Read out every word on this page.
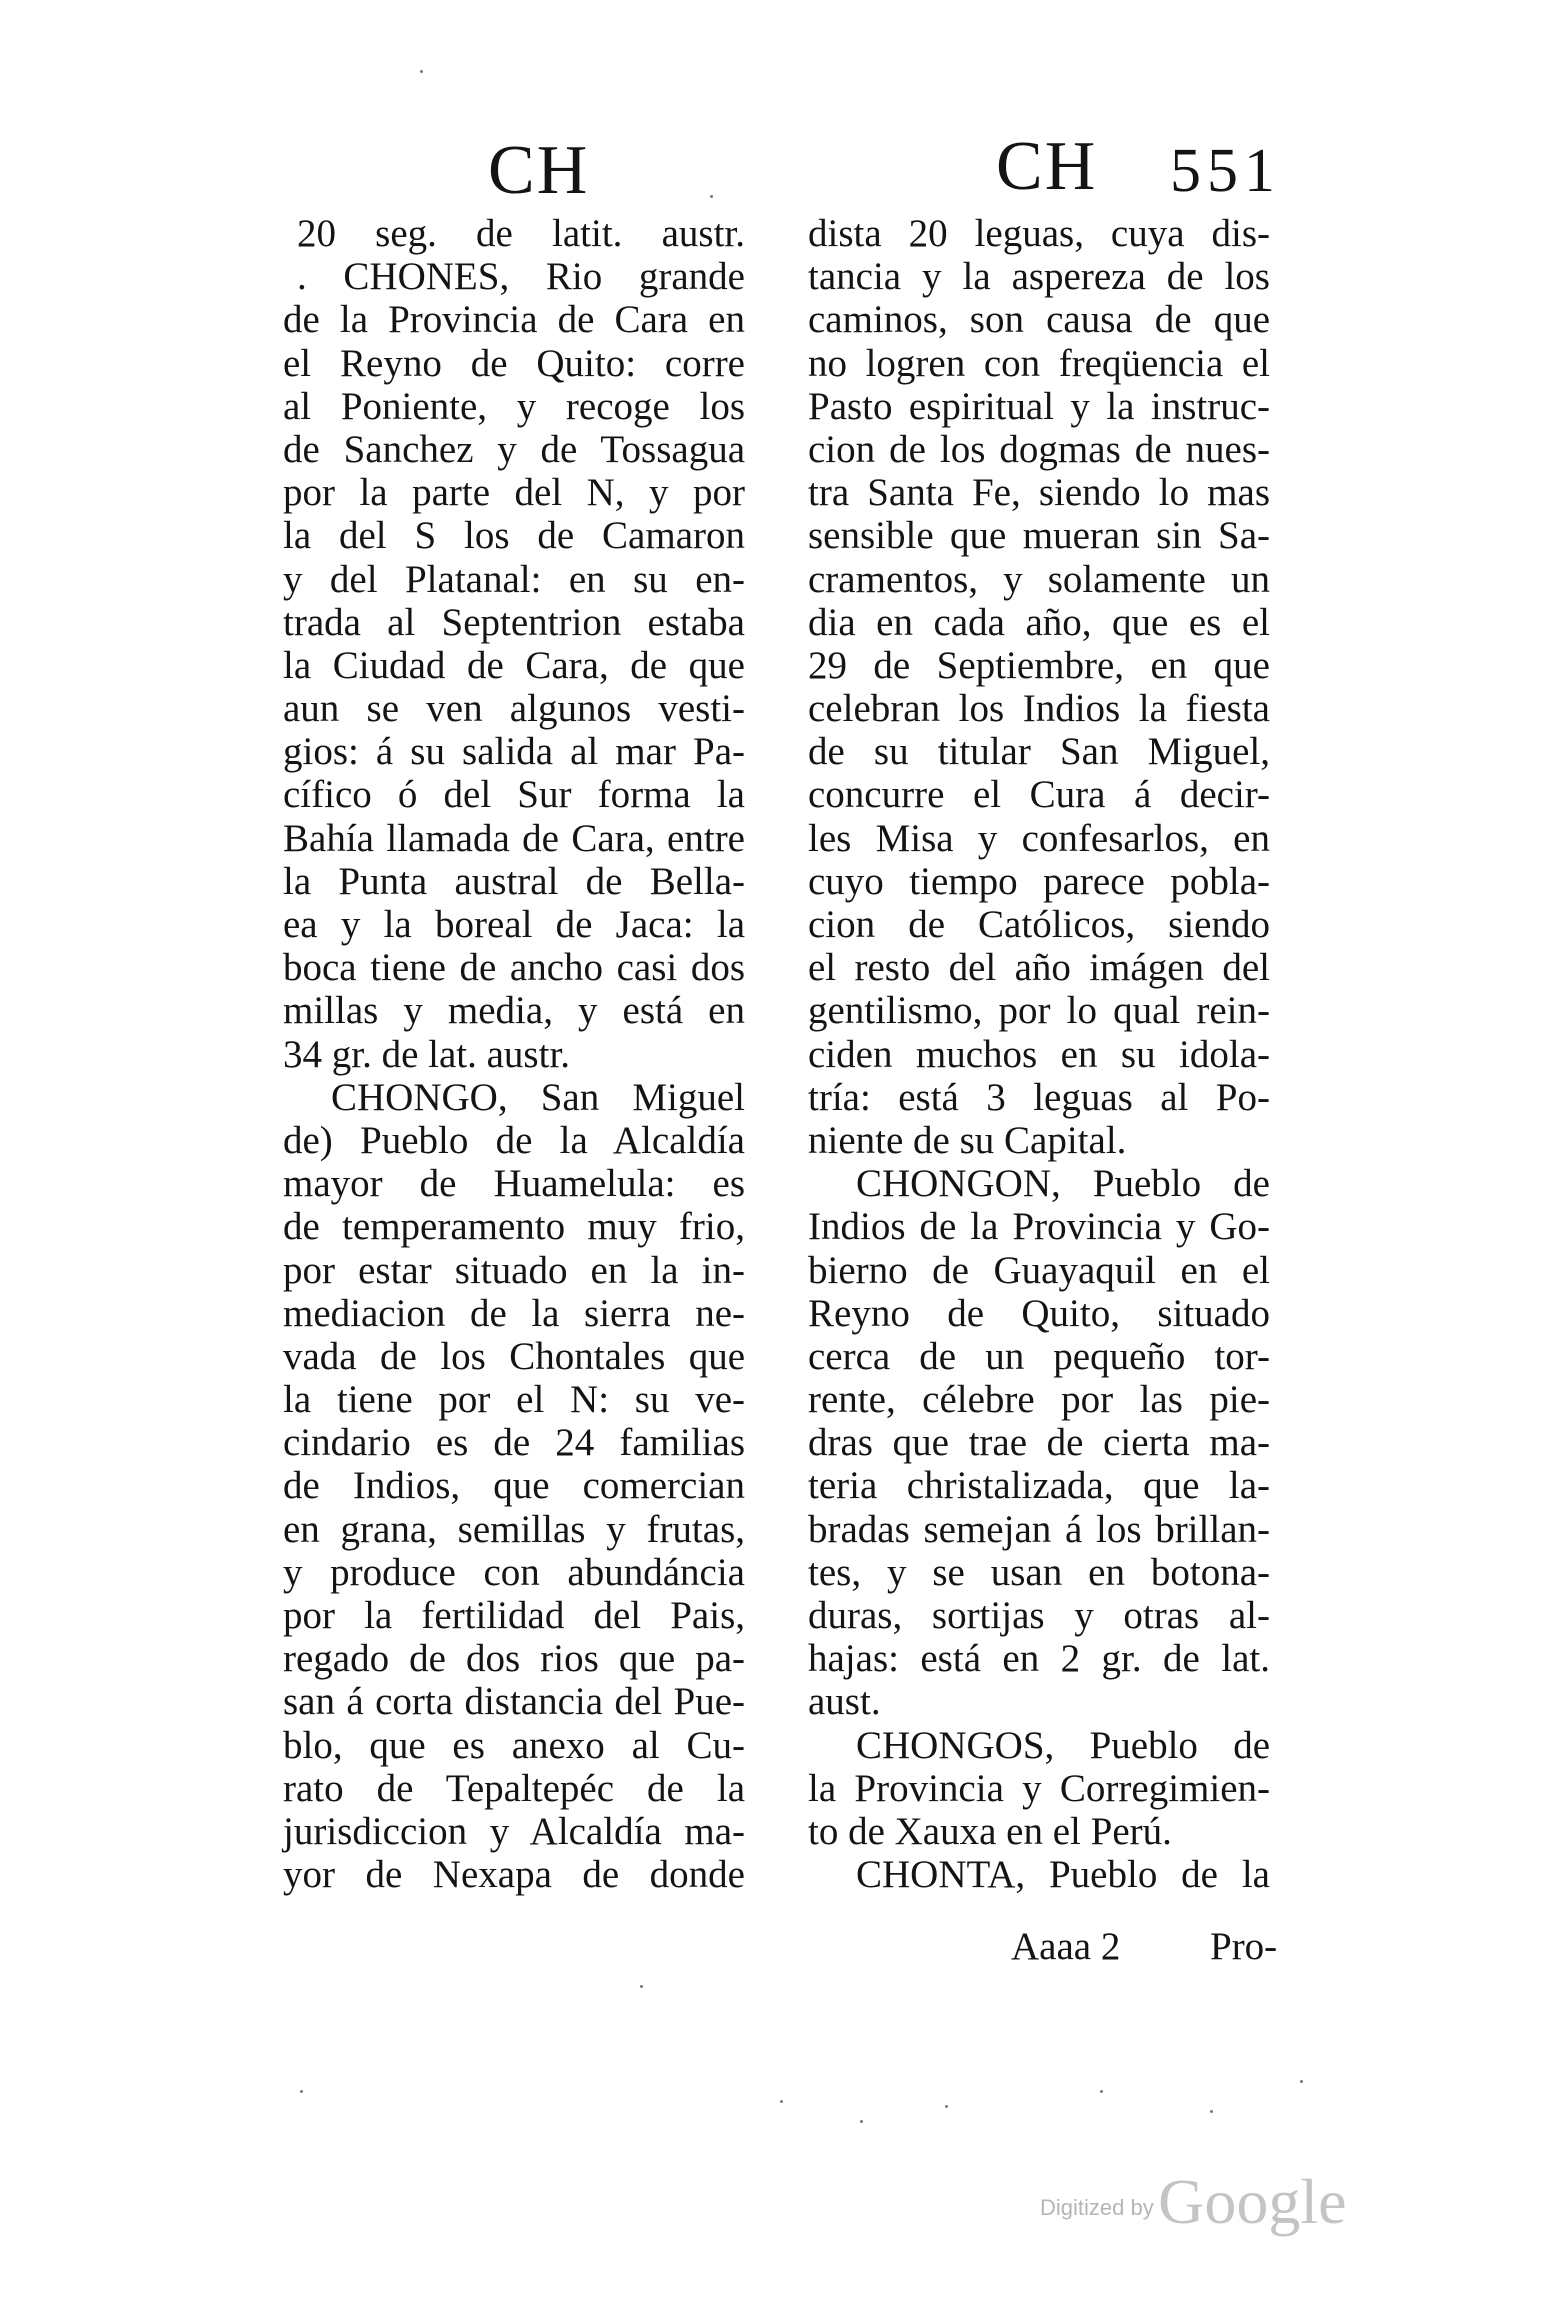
CH	CH 551
20 seg. de latit. austr.
. CHONES, Rio grande
de la Provincia de Cara en
el Reyno de Quito: corre
al Poniente, y recoge los
de Sanchez y de Tossagua
por la parte del N, y por
la del S los de Camaron
y del Platanal: en su en-
trada al Septentrion estaba
la Ciudad de Cara, de que
aun se ven algunos vesti-
gios: á su salida al mar Pa-
cífico ó del Sur forma la
Bahía llamada de Cara, entre
la Punta austral de Bella-
ea y la boreal de Jaca: la
boca tiene de ancho casi dos
millas y media, y está en
34 gr. de lat. austr.
CHONGO, San Miguel
de) Pueblo de la Alcaldía
mayor de Huamelula: es
de temperamento muy frio,
por estar situado en la in-
mediacion de la sierra ne-
vada de los Chontales que
la tiene por el N: su ve-
cindario es de 24 familias
de Indios, que comercian
en grana, semillas y frutas,
y produce con abundáncia
por la fertilidad del Pais,
regado de dos rios que pa-
san á corta distancia del Pue-
blo, que es anexo al Cu-
rato de Tepaltepéc de la
jurisdiccion y Alcaldía ma-
yor de Nexapa de donde
dista 20 leguas, cuya dis-
tancia y la aspereza de los
caminos, son causa de que
no logren con freqüencia el
Pasto espiritual y la instruc-
cion de los dogmas de nues-
tra Santa Fe, siendo lo mas
sensible que mueran sin Sa-
cramentos, y solamente un
dia en cada año, que es el
29 de Septiembre, en que
celebran los Indios la fiesta
de su titular San Miguel,
concurre el Cura á decir-
les Misa y confesarlos, en
cuyo tiempo parece pobla-
cion de Católicos, siendo
el resto del año imágen del
gentilismo, por lo qual rein-
ciden muchos en su idola-
tría: está 3 leguas al Po-
niente de su Capital.
CHONGON, Pueblo de
Indios de la Provincia y Go-
bierno de Guayaquil en el
Reyno de Quito, situado
cerca de un pequeño tor-
rente, célebre por las pie-
dras que trae de cierta ma-
teria christalizada, que la-
bradas semejan á los brillan-
tes, y se usan en botona-
duras, sortijas y otras al-
hajas: está en 2 gr. de lat.
aust.
CHONGOS, Pueblo de
la Provincia y Corregimien-
to de Xauxa en el Perú.
CHONTA, Pueblo de la
Aaaa 2 Pro-
Digitized by Google
